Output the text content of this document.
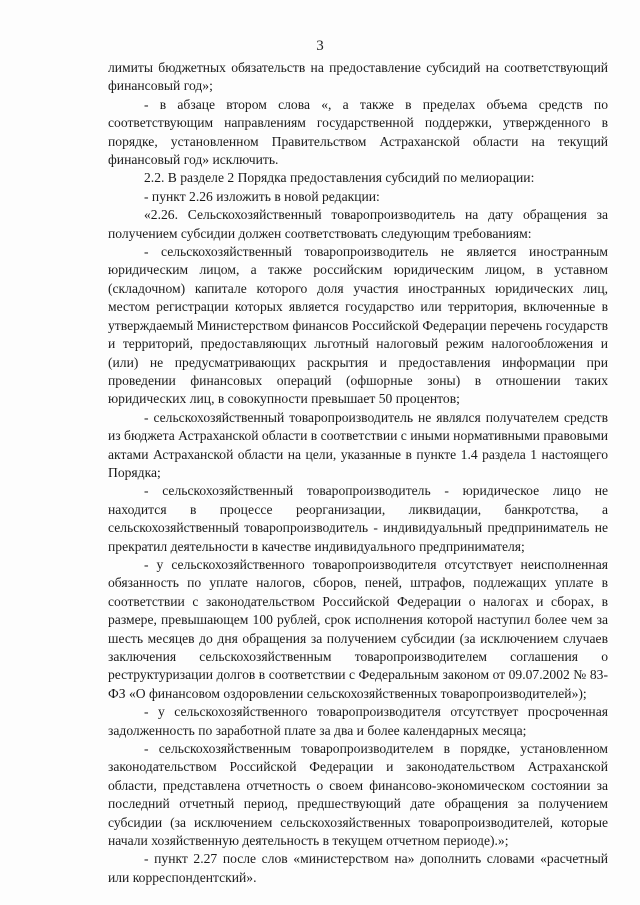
3

лимиты бюджетных обязательств на предоставление субсидий на соответствующий финансовый год»;

- в абзаце втором слова «, а также в пределах объема средств по соответствующим направлениям государственной поддержки, утвержденного в порядке, установленном Правительством Астраханской области на текущий финансовый год» исключить.

2.2. В разделе 2 Порядка предоставления субсидий по мелиорации:

- пункт 2.26 изложить в новой редакции:

«2.26. Сельскохозяйственный товаропроизводитель на дату обращения за получением субсидии должен соответствовать следующим требованиям:

- сельскохозяйственный товаропроизводитель не является иностранным юридическим лицом, а также российским юридическим лицом, в уставном (складочном) капитале которого доля участия иностранных юридических лиц, местом регистрации которых является государство или территория, включенные в утверждаемый Министерством финансов Российской Федерации перечень государств и территорий, предоставляющих льготный налоговый режим налогообложения и (или) не предусматривающих раскрытия и предоставления информации при проведении финансовых операций (офшорные зоны) в отношении таких юридических лиц, в совокупности превышает 50 процентов;

- сельскохозяйственный товаропроизводитель не являлся получателем средств из бюджета Астраханской области в соответствии с иными нормативными правовыми актами Астраханской области на цели, указанные в пункте 1.4 раздела 1 настоящего Порядка;

- сельскохозяйственный товаропроизводитель - юридическое лицо не находится в процессе реорганизации, ликвидации, банкротства, а сельскохозяйственный товаропроизводитель - индивидуальный предприниматель не прекратил деятельности в качестве индивидуального предпринимателя;

- у сельскохозяйственного товаропроизводителя отсутствует неисполненная обязанность по уплате налогов, сборов, пеней, штрафов, подлежащих уплате в соответствии с законодательством Российской Федерации о налогах и сборах, в размере, превышающем 100 рублей, срок исполнения которой наступил более чем за шесть месяцев до дня обращения за получением субсидии (за исключением случаев заключения сельскохозяйственным товаропроизводителем соглашения о реструктуризации долгов в соответствии с Федеральным законом от 09.07.2002 № 83-ФЗ «О финансовом оздоровлении сельскохозяйственных товаропроизводителей»);

- у сельскохозяйственного товаропроизводителя отсутствует просроченная задолженность по заработной плате за два и более календарных месяца;

- сельскохозяйственным товаропроизводителем в порядке, установленном законодательством Российской Федерации и законодательством Астраханской области, представлена отчетность о своем финансово-экономическом состоянии за последний отчетный период, предшествующий дате обращения за получением субсидии (за исключением сельскохозяйственных товаропроизводителей, которые начали хозяйственную деятельность в текущем отчетном периоде).»;

- пункт 2.27 после слов «министерством на» дополнить словами «расчетный или корреспондентский».
